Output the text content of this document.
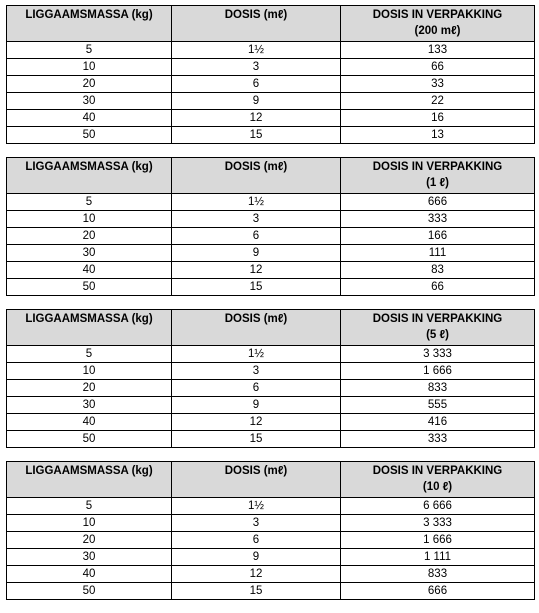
LIGGAAMSMASSA (kg)	DOSIS (mℓ)	DOSIS IN VERPAKKING
(200 mℓ)

5	1½	133
10	3	66
20	6	33
30	9	22
40	12	16
50	15	13
LIGGAAMSMASSA (kg)	DOSIS (mℓ)	DOSIS IN VERPAKKING
(1 ℓ)

5	1½	666
10	3	333
20	6	166
30	9	111
40	12	83
50	15	66
LIGGAAMSMASSA (kg)	DOSIS (mℓ)	DOSIS IN VERPAKKING
(5 ℓ)

5	1½	3 333
10	3	1 666
20	6	833
30	9	555
40	12	416
50	15	333
LIGGAAMSMASSA (kg)	DOSIS (mℓ)	DOSIS IN VERPAKKING
(10 ℓ)

5	1½	6 666
10	3	3 333
20	6	1 666
30	9	1 111
40	12	833
50	15	666
